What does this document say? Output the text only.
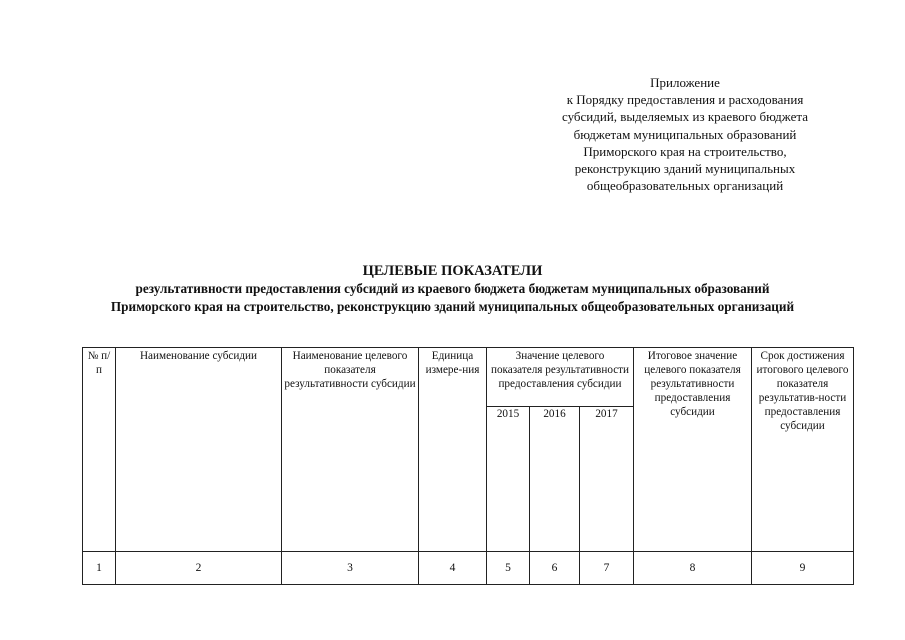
Приложение
к Порядку предоставления и расходования
субсидий, выделяемых из краевого бюджета
бюджетам муниципальных образований
Приморского края на строительство,
реконструкцию зданий муниципальных
общеобразовательных организаций
ЦЕЛЕВЫЕ ПОКАЗАТЕЛИ
результативности предоставления субсидий из краевого бюджета бюджетам муниципальных образований
Приморского края на строительство, реконструкцию зданий муниципальных общеобразовательных организаций
№ п/п	Наименование субсидии	Наименование целевого показателя результативности субсидии	Единица измере-ния	Значение целевого показателя результативности предоставления субсидии			Итоговое значение целевого показателя результативности предоставления субсидии	Срок достижения итогового целевого показателя результатив-ности предоставления субсидии
				2015	2016	2017		
1	2	3	4	5	6	7	8	9
